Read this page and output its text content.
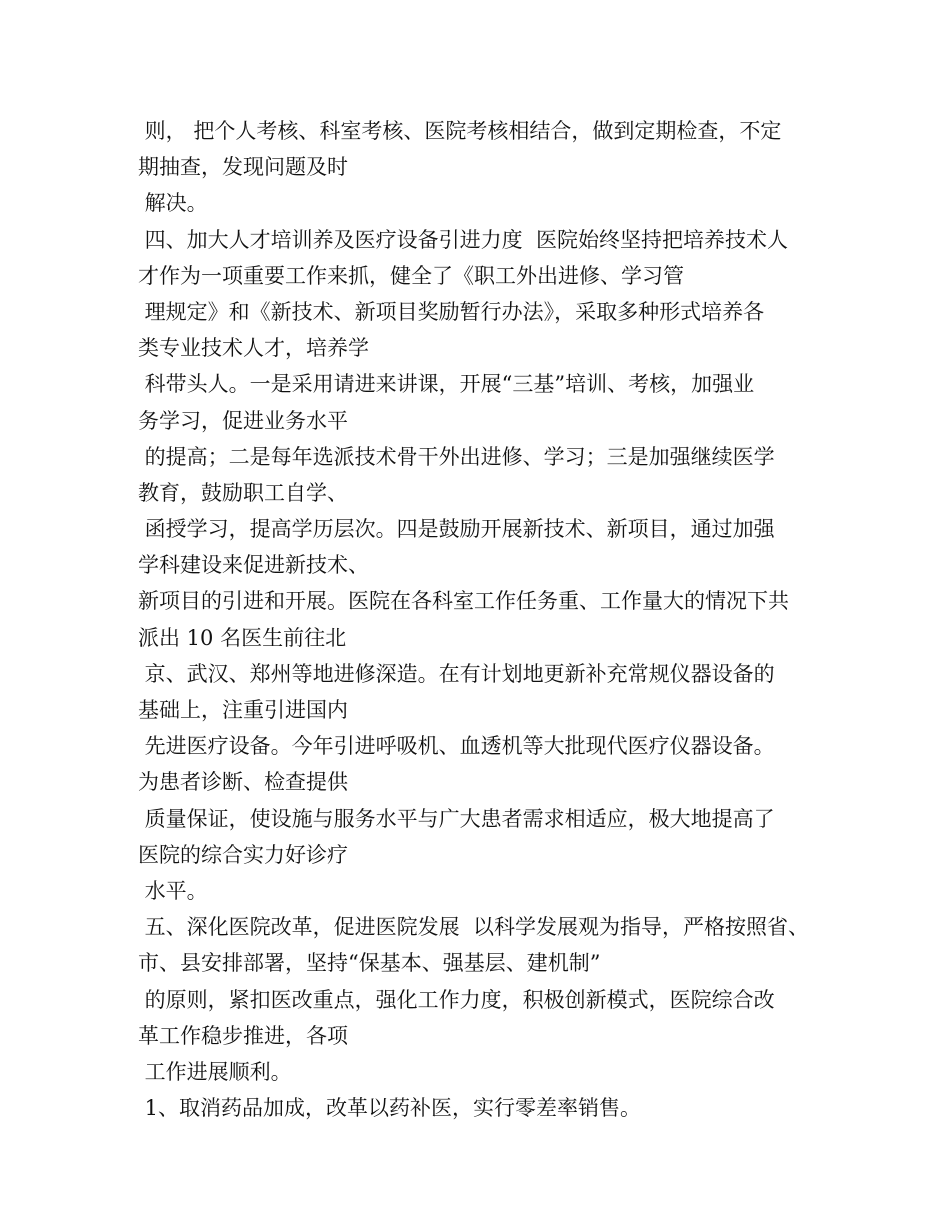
则， 把个人考核、科室考核、医院考核相结合，做到定期检查，不定
期抽查，发现问题及时
解决。
四、加大人才培训养及医疗设备引进力度  医院始终坚持把培养技术人
才作为一项重要工作来抓，健全了《职工外出进修、学习管
理规定》和《新技术、新项目奖励暂行办法》，采取多种形式培养各
类专业技术人才，培养学
科带头人。一是采用请进来讲课，开展“三基”培训、考核，加强业
务学习，促进业务水平
的提高；二是每年选派技术骨干外出进修、学习；三是加强继续医学
教育，鼓励职工自学、
函授学习，提高学历层次。四是鼓励开展新技术、新项目，通过加强
学科建设来促进新技术、
新项目的引进和开展。医院在各科室工作任务重、工作量大的情况下共
派出 10 名医生前往北
京、武汉、郑州等地进修深造。在有计划地更新补充常规仪器设备的
基础上，注重引进国内
先进医疗设备。今年引进呼吸机、血透机等大批现代医疗仪器设备。
为患者诊断、检查提供
质量保证，使设施与服务水平与广大患者需求相适应，极大地提高了
医院的综合实力好诊疗
水平。
五、深化医院改革，促进医院发展  以科学发展观为指导，严格按照省、
市、县安排部署，坚持“保基本、强基层、建机制”
的原则，紧扣医改重点，强化工作力度，积极创新模式，医院综合改
革工作稳步推进，各项
工作进展顺利。
1、取消药品加成，改革以药补医，实行零差率销售。
